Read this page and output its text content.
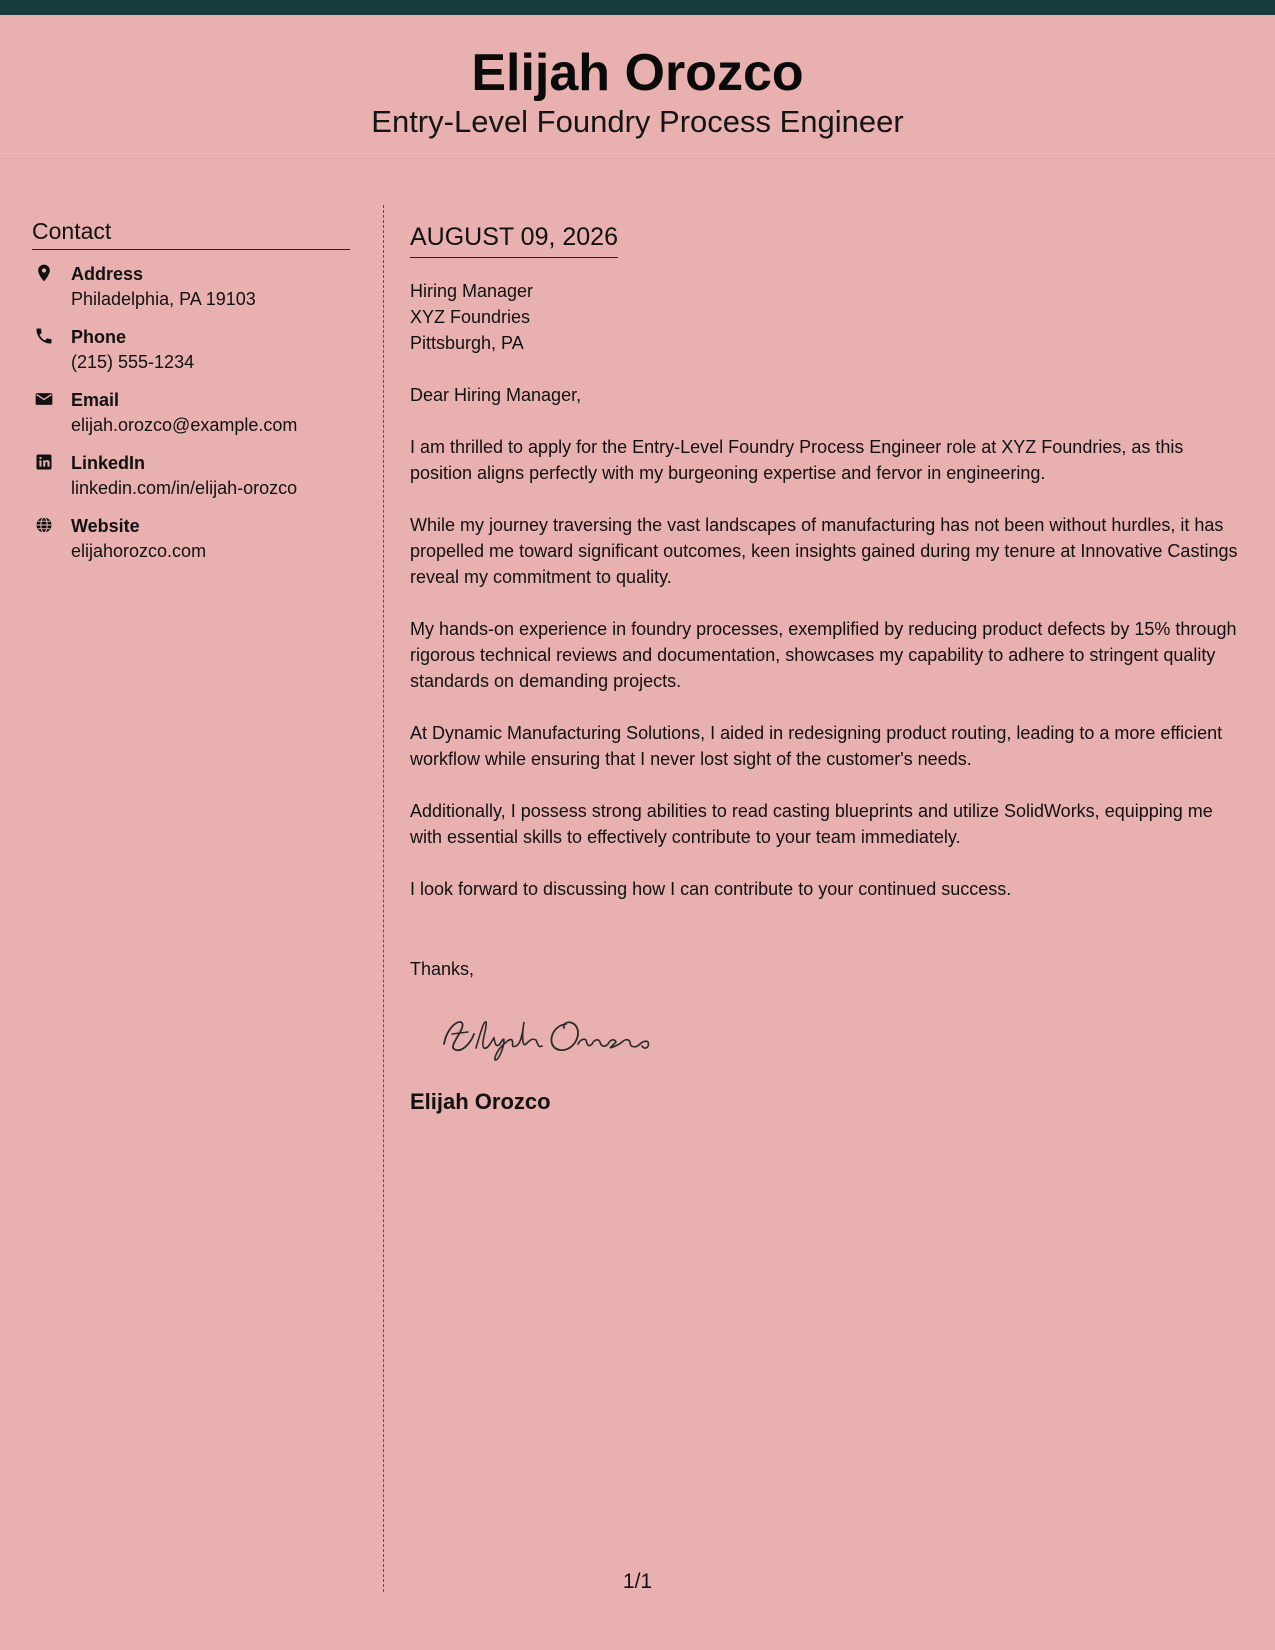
Elijah Orozco
Entry-Level Foundry Process Engineer
Contact
Address
Philadelphia, PA 19103
Phone
(215) 555-1234
Email
elijah.orozco@example.com
LinkedIn
linkedin.com/in/elijah-orozco
Website
elijahorozco.com
AUGUST 09, 2026
Hiring Manager
XYZ Foundries
Pittsburgh, PA

Dear Hiring Manager,

I am thrilled to apply for the Entry-Level Foundry Process Engineer role at XYZ Foundries, as this position aligns perfectly with my burgeoning expertise and fervor in engineering.

While my journey traversing the vast landscapes of manufacturing has not been without hurdles, it has propelled me toward significant outcomes, keen insights gained during my tenure at Innovative Castings reveal my commitment to quality.

My hands-on experience in foundry processes, exemplified by reducing product defects by 15% through rigorous technical reviews and documentation, showcases my capability to adhere to stringent quality standards on demanding projects.

At Dynamic Manufacturing Solutions, I aided in redesigning product routing, leading to a more efficient workflow while ensuring that I never lost sight of the customer's needs.

Additionally, I possess strong abilities to read casting blueprints and utilize SolidWorks, equipping me with essential skills to effectively contribute to your team immediately.

I look forward to discussing how I can contribute to your continued success.

Thanks,
Elijah Orozco
1/1
